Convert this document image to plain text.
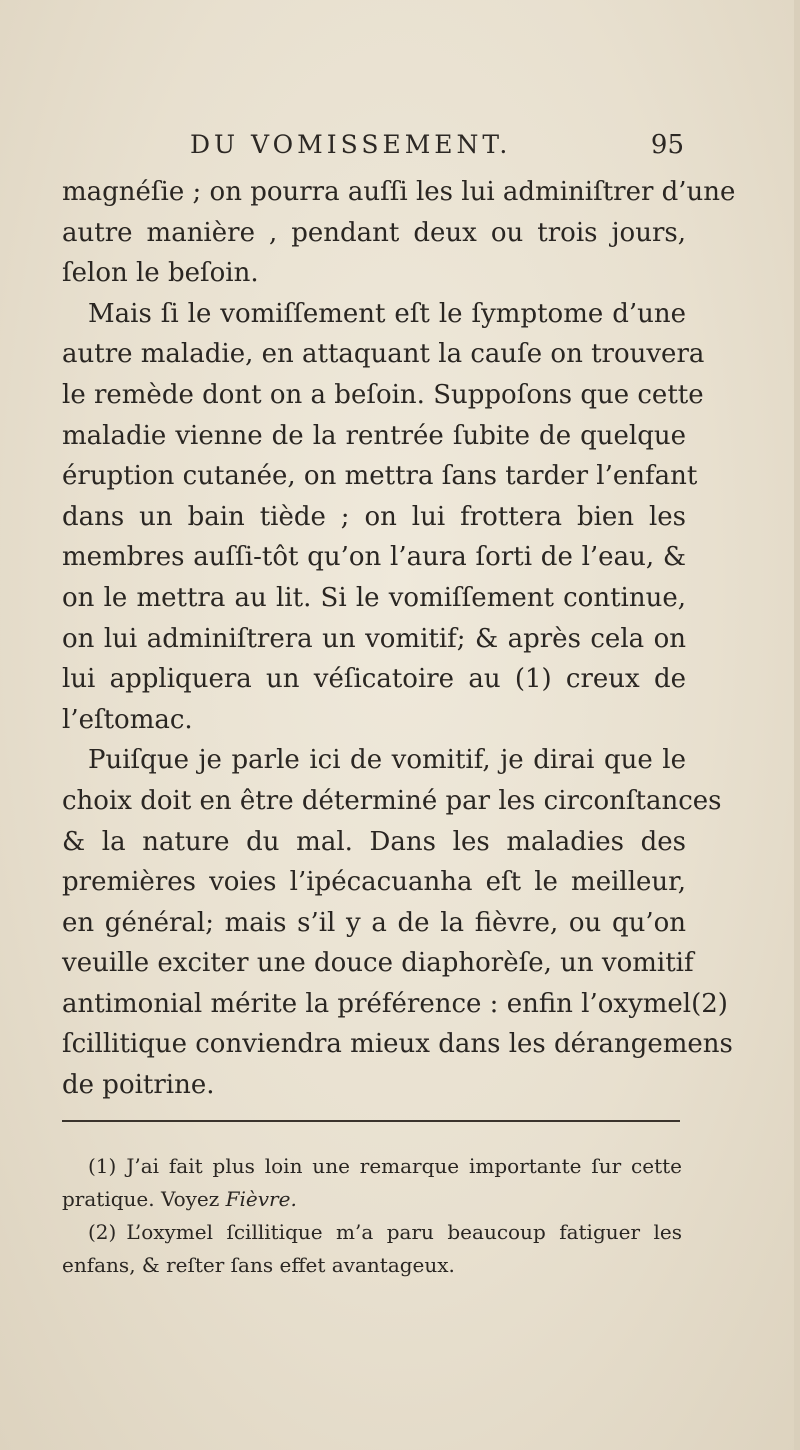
DU VOMISSEMENT.	95
magnéſie ; on pourra auſſi les lui adminiſtrer d’une
autre manière , pendant deux ou trois jours,
ſelon le beſoin.
Mais ſi le vomiſſement eſt le ſymptome d’une
autre maladie, en attaquant la cauſe on trouvera
le remède dont on a beſoin. Suppoſons que cette
maladie vienne de la rentrée ſubite de quelque
éruption cutanée, on mettra ſans tarder l’enfant
dans un bain tiède ; on lui frottera bien les
membres auſſi-tôt qu’on l’aura ſorti de l’eau, &
on le mettra au lit. Si le vomiſſement continue,
on lui adminiſtrera un vomitif; & après cela on
lui appliquera un véſicatoire au (1) creux de
l’eſtomac.
Puiſque je parle ici de vomitif, je dirai que le
choix doit en être déterminé par les circonſtances
& la nature du mal. Dans les maladies des
premières voies l’ipécacuanha eſt le meilleur,
en général; mais s’il y a de la fièvre, ou qu’on
veuille exciter une douce diaphorèſe, un vomitif
antimonial mérite la préférence : enfin l’oxymel(2)
ſcillitique conviendra mieux dans les dérangemens
de poitrine.
(1) J’ai fait plus loin une remarque importante ſur cette
pratique. Voyez Fièvre.
(2) L’oxymel ſcillitique m’a paru beaucoup fatiguer les
enfans, & reſter ſans effet avantageux.
